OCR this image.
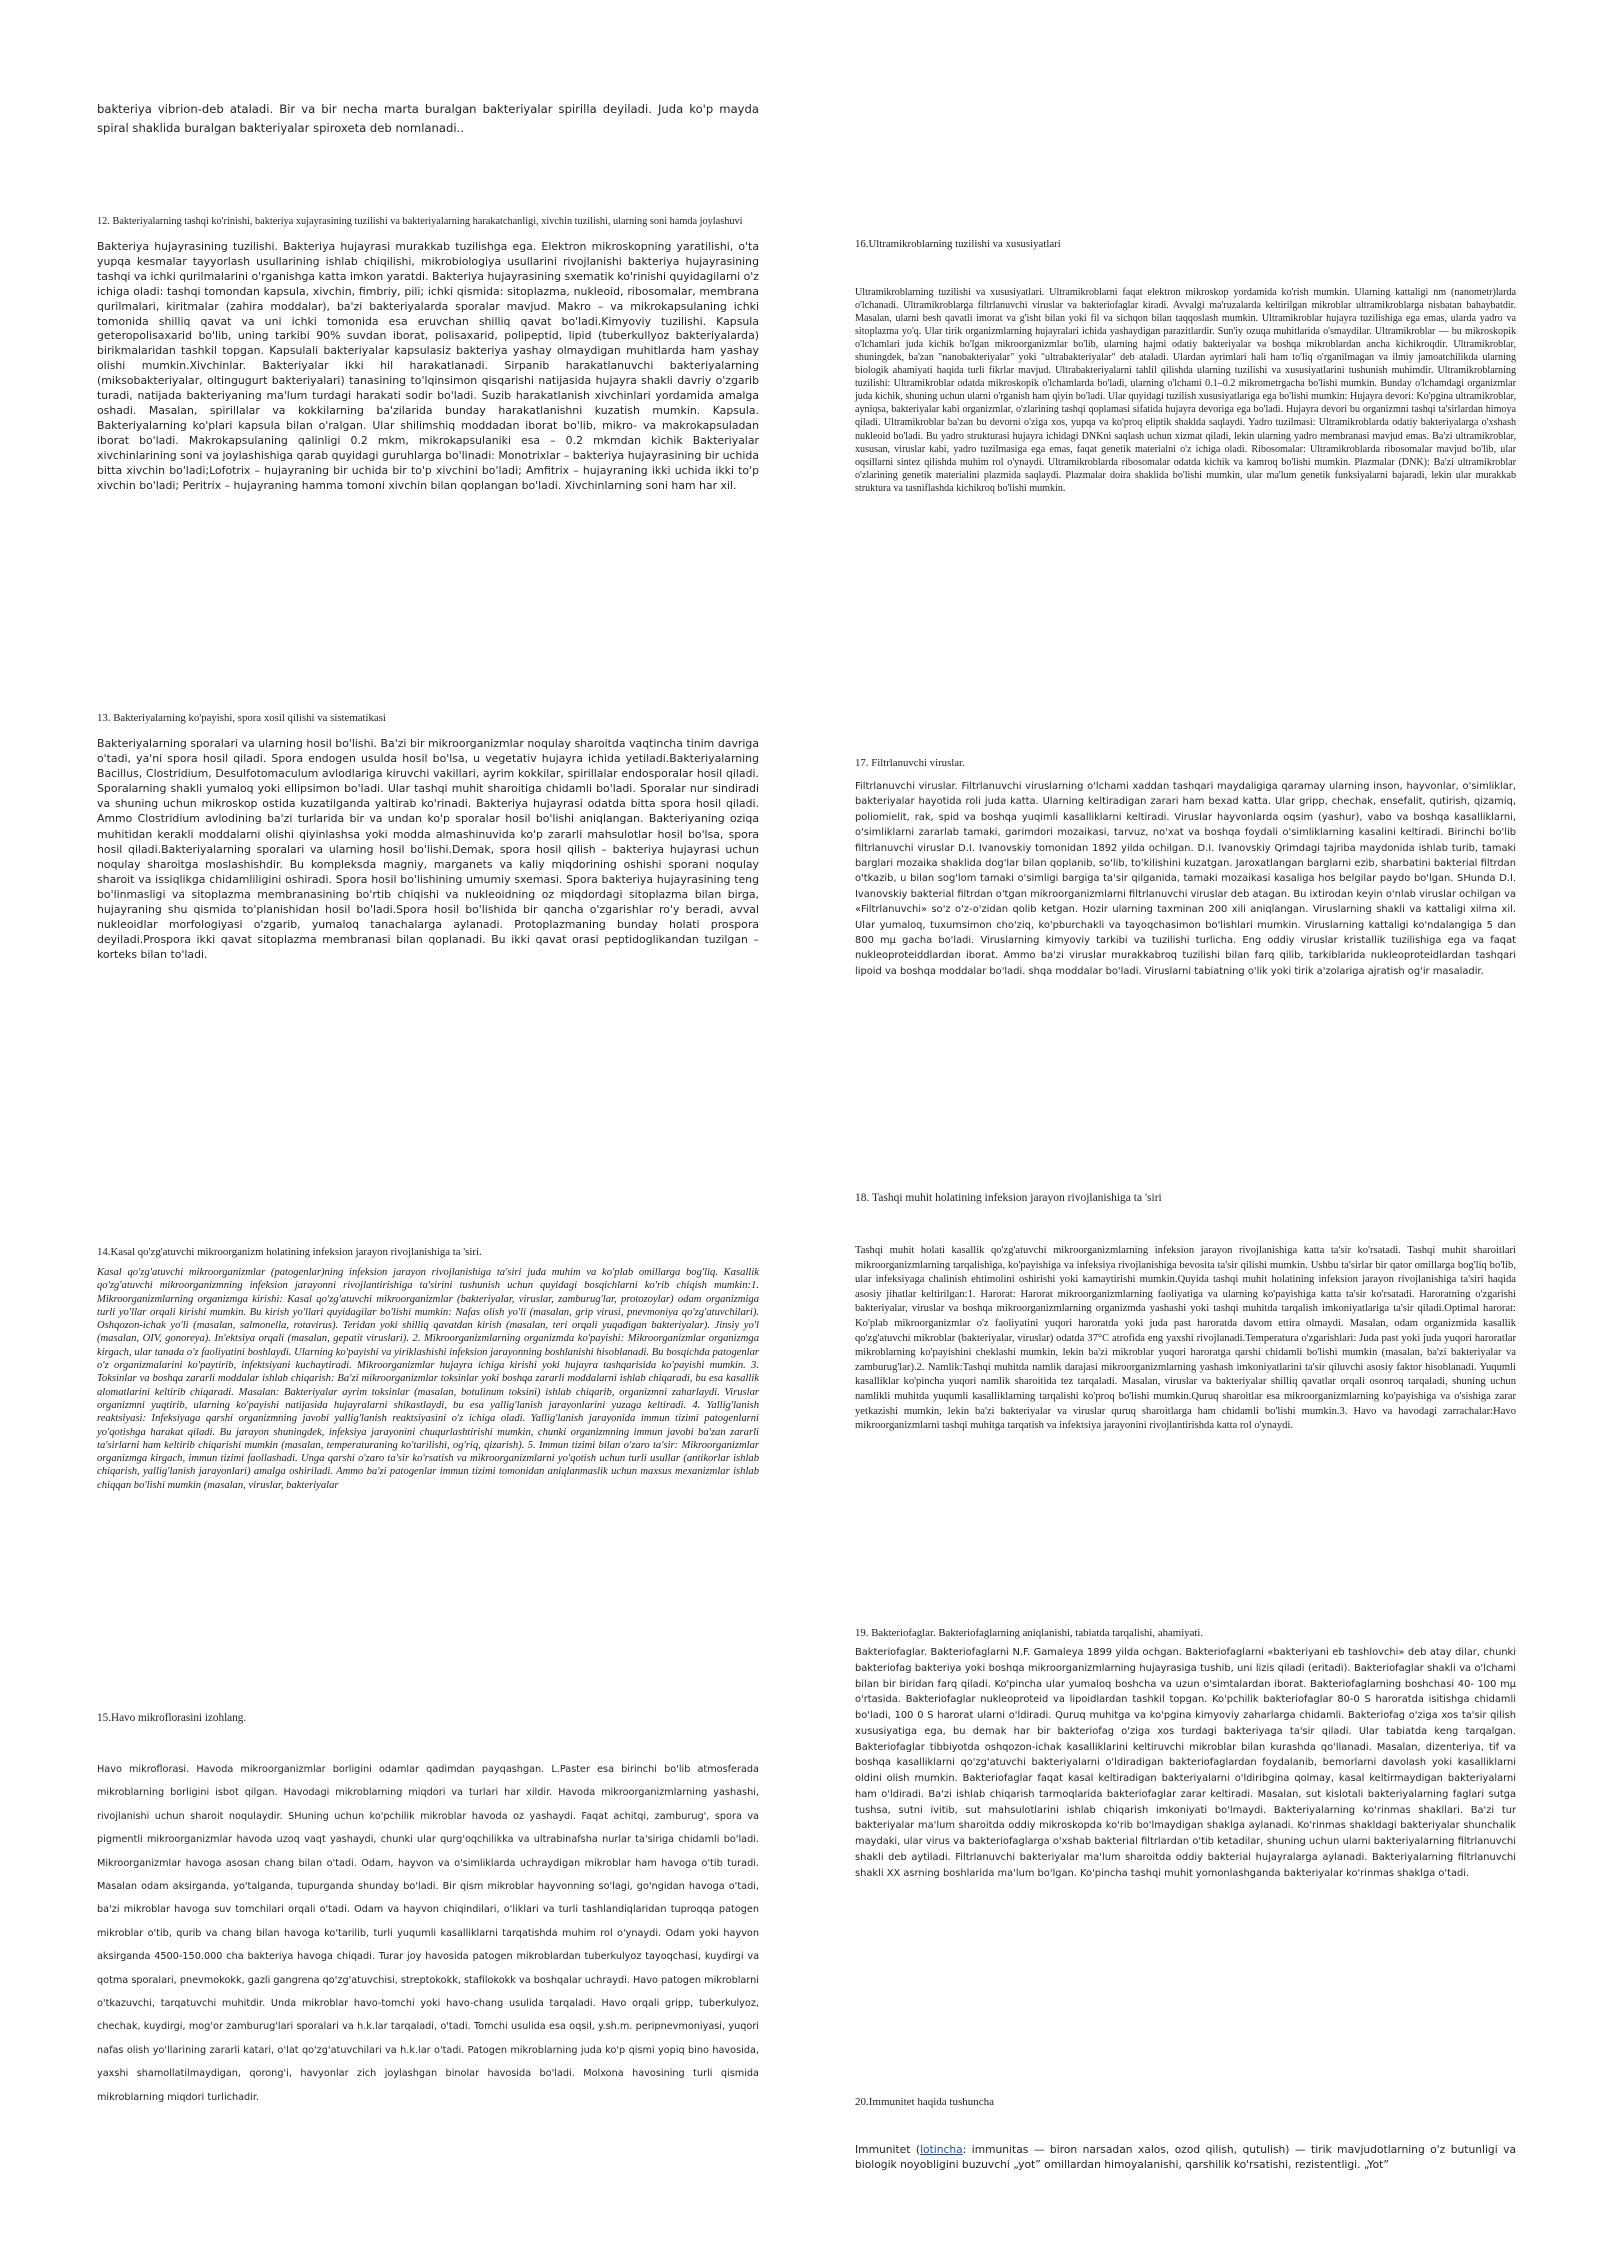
bakteriya vibrion-deb ataladi. Bir va bir necha marta buralgan bakteriyalar spirilla deyiladi. Juda ko'p mayda spiral shaklida buralgan bakteriyalar spiroxeta deb nomlanadi..

12. Bakteriyalarning tashqi ko'rinishi, bakteriya xujayrasining tuzilishi va bakteriyalarning harakatchanligi, xivchin tuzilishi, ularning soni hamda joylashuvi

Bakteriya hujayrasining tuzilishi. Bakteriya hujayrasi murakkab tuzilishga ega. Elektron mikroskopning yaratilishi, o'ta yupqa kesmalar tayyorlash usullarining ishlab chiqilishi, mikrobiologiya usullarini rivojlanishi bakteriya hujayrasining tashqi va ichki qurilmalarini o'rganishga katta imkon yaratdi. Bakteriya hujayrasining sxematik ko'rinishi quyidagilarni o'z ichiga oladi: tashqi tomondan kapsula, xivchin, fimbriy, pili; ichki qismida: sitoplazma, nukleoid, ribosomalar, membrana qurilmalari, kiritmalar (zahira moddalar), ba'zi bakteriyalarda sporalar mavjud. Makro – va mikrokapsulaning ichki tomonida shilliq qavat va uni ichki tomonida esa eruvchan shilliq qavat bo'ladi.Kimyoviy tuzilishi. Kapsula geteropolisaxarid bo'lib, uning tarkibi 90% suvdan iborat, polisaxarid, polipeptid, lipid (tuberkullyoz bakteriyalarda) birikmalaridan tashkil topgan. Kapsulali bakteriyalar kapsulasiz bakteriya yashay olmaydigan muhitlarda ham yashay olishi mumkin.Xivchinlar. Bakteriyalar ikki hil harakatlanadi. Sirpanib harakatlanuvchi bakteriyalarning (miksobakteriyalar, oltingugurt bakteriyalari) tanasining to'lqinsimon qisqarishi natijasida hujayra shakli davriy o'zgarib turadi, natijada bakteriyaning ma'lum turdagi harakati sodir bo'ladi. Suzib harakatlanish xivchinlari yordamida amalga oshadi. Masalan, spirillalar va kokkilarning ba'zilarida bunday harakatlanishni kuzatish mumkin. Kapsula. Bakteriyalarning ko'plari kapsula bilan o'ralgan. Ular shilimshiq moddadan iborat bo'lib, mikro- va makrokapsuladan iborat bo'ladi. Makrokapsulaning qalinligi 0.2 mkm, mikrokapsulaniki esa – 0.2 mkmdan kichik Bakteriyalar xivchinlarining soni va joylashishiga qarab quyidagi guruhlarga bo'linadi: Monotrixlar – bakteriya hujayrasining bir uchida bitta xivchin bo'ladi;Lofotrix – hujayraning bir uchida bir to'p xivchini bo'ladi; Amfitrix – hujayraning ikki uchida ikki to'p xivchin bo'ladi; Peritrix – hujayraning hamma tomoni xivchin bilan qoplangan bo'ladi. Xivchinlarning soni ham har xil.

13. Bakteriyalarning ko'payishi, spora xosil qilishi va sistematikasi

Bakteriyalarning sporalari va ularning hosil bo'lishi. Ba'zi bir mikroorganizmlar noqulay sharoitda vaqtincha tinim davriga o'tadi, ya'ni spora hosil qiladi. Spora endogen usulda hosil bo'lsa, u vegetativ hujayra ichida yetiladi.Bakteriyalarning Bacillus, Clostridium, Desulfotomaculum avlodlariga kiruvchi vakillari, ayrim kokkilar, spirillalar endosporalar hosil qiladi. Sporalarning shakli yumaloq yoki ellipsimon bo'ladi. Ular tashqi muhit sharoitiga chidamli bo'ladi. Sporalar nur sindiradi va shuning uchun mikroskop ostida kuzatilganda yaltirab ko'rinadi. Bakteriya hujayrasi odatda bitta spora hosil qiladi. Ammo Clostridium avlodining ba'zi turlarida bir va undan ko'p sporalar hosil bo'lishi aniqlangan. Bakteriyaning oziqa muhitidan kerakli moddalarni olishi qiyinlashsa yoki modda almashinuvida ko'p zararli mahsulotlar hosil bo'lsa, spora hosil qiladi.Bakteriyalarning sporalari va ularning hosil bo'lishi.Demak, spora hosil qilish – bakteriya hujayrasi uchun noqulay sharoitga moslashishdir. Bu kompleksda magniy, marganets va kaliy miqdorining oshishi sporani noqulay sharoit va issiqlikga chidamliligini oshiradi. Spora hosil bo'lishining umumiy sxemasi. Spora bakteriya hujayrasining teng bo'linmasligi va sitoplazma membranasining bo'rtib chiqishi va nukleoidning oz miqdordagi sitoplazma bilan birga, hujayraning shu qismida to'planishidan hosil bo'ladi.Spora hosil bo'lishida bir qancha o'zgarishlar ro'y beradi, avval nukleoidlar morfologiyasi o'zgarib, yumaloq tanachalarga aylanadi. Protoplazmaning bunday holati prospora deyiladi.Prospora ikki qavat sitoplazma membranasi bilan qoplanadi. Bu ikki qavat orasi peptidoglikandan tuzilgan – korteks bilan to'ladi.

14.Kasal qo'zg'atuvchi mikroorganizm holatining infeksion jarayon rivojlanishiga ta 'siri.

Kasal qo'zg'atuvchi mikroorganizmlar (patogenlar)ning infeksion jarayon rivojlanishiga ta'siri juda muhim va ko'plab omillarga bog'liq. Kasallik qo'zg'atuvchi mikroorganizmning infeksion jarayonni rivojlantirishiga ta'sirini tushunish uchun quyidagi bosqichlarni ko'rib chiqish mumkin:1. Mikroorganizmlarning organizmga kirishi: Kasal qo'zg'atuvchi mikroorganizmlar (bakteriyalar, viruslar, zamburug'lar, protozoylar) odam organizmiga turli yo'llar orqali kirishi mumkin. Bu kirish yo'llari quyidagilar bo'lishi mumkin: Nafas olish yo'li (masalan, grip virusi, pnevmoniya qo'zg'atuvchilari). Oshqozon-ichak yo'li (masalan, salmonella, rotavirus). Teridan yoki shilliq qavatdan kirish (masalan, teri orqali yuqadigan bakteriyalar). Jinsiy yo'l (masalan, OIV, gonoreya). In'ektsiya orqali (masalan, gepatit viruslari). 2. Mikroorganizmlarning organizmda ko'payishi: Mikroorganizmlar organizmga kirgach, ular tanada o'z faoliyatini boshlaydi. Ularning ko'payishi va yiriklashishi infeksion jarayonning boshlanishi hisoblanadi. Bu bosqichda patogenlar o'z organizmalarini ko'paytirib, infektsiyani kuchaytiradi. Mikroorganizmlar hujayra ichiga kirishi yoki hujayra tashqarisida ko'payishi mumkin. 3. Toksinlar va boshqa zararli moddalar ishlab chiqarish: Ba'zi mikroorganizmlar toksinlar yoki boshqa zararli moddalarni ishlab chiqaradi, bu esa kasallik alomatlarini keltirib chiqaradi. Masalan: Bakteriyalar ayrim toksinlar (masalan, botulinum toksini) ishlab chiqarib, organizmni zaharlaydi. Viruslar organizmni yuqtirib, ularning ko'payishi natijasida hujayralarni shikastlaydi, bu esa yallig'lanish jarayonlarini yuzaga keltiradi. 4. Yallig'lanish reaktsiyasi: Infeksiyaga qarshi organizmning javobi yallig'lanish reaktsiyasini o'z ichiga oladi. Yallig'lanish jarayonida immun tizimi patogenlarni yo'qotishga harakat qiladi. Bu jarayon shuningdek, infeksiya jarayonini chuqurlashtirishi mumkin, chunki organizmning immun javobi ba'zan zararli ta'sirlarni ham keltirib chiqarishi mumkin (masalan, temperaturaning ko'tarilishi, og'riq, qizarish). 5. Immun tizimi bilan o'zaro ta'sir: Mikroorganizmlar organizmga kirgach, immun tizimi faollashadi. Unga qarshi o'zaro ta'sir ko'rsatish va mikroorganizmlarni yo'qotish uchun turli usullar (antikorlar ishlab chiqarish, yallig'lanish jarayonlari) amalga oshiriladi. Ammo ba'zi patogenlar immun tizimi tomonidan aniqlanmaslik uchun maxsus mexanizmlar ishlab chiqqan bo'lishi mumkin (masalan, viruslar, bakteriyalar

15.Havo mikroflorasini izohlang.

Havo mikroflorasi. Havoda mikroorganizmlar borligini odamlar qadimdan payqashgan. L.Paster esa birinchi bo'lib atmosferada mikroblarning borligini isbot qilgan. Havodagi mikroblarning miqdori va turlari har xildir. Havoda mikroorganizmlarning yashashi, rivojlanishi uchun sharoit noqulaydir. SHuning uchun ko'pchilik mikroblar havoda oz yashaydi. Faqat achitqi, zamburug', spora va pigmentli mikroorganizmlar havoda uzoq vaqt yashaydi, chunki ular qurg'oqchilikka va ultrabinafsha nurlar ta'siriga chidamli bo'ladi. Mikroorganizmlar havoga asosan chang bilan o'tadi. Odam, hayvon va o'simliklarda uchraydigan mikroblar ham havoga o'tib turadi. Masalan odam aksirganda, yo'talganda, tupurganda shunday bo'ladi. Bir qism mikroblar hayvonning so'lagi, go'ngidan havoga o'tadi, ba'zi mikroblar havoga suv tomchilari orqali o'tadi. Odam va hayvon chiqindilari, o'liklari va turli tashlandiqlaridan tuproqqa patogen mikroblar o'tib, qurib va chang bilan havoga ko'tarilib, turli yuqumli kasalliklarni tarqatishda muhim rol o'ynaydi. Odam yoki hayvon aksirganda 4500-150.000 cha bakteriya havoga chiqadi. Turar joy havosida patogen mikroblardan tuberkulyoz tayoqchasi, kuydirgi va qotma sporalari, pnevmokokk, gazli gangrena qo'zg'atuvchisi, streptokokk, stafilokokk va boshqalar uchraydi. Havo patogen mikroblarni o'tkazuvchi, tarqatuvchi muhitdir. Unda mikroblar havo-tomchi yoki havo-chang usulida tarqaladi. Havo orqali gripp, tuberkulyoz, chechak, kuydirgi, mog'or zamburug'lari sporalari va h.k.lar tarqaladi, o'tadi. Tomchi usulida esa oqsil, y.sh.m. peripnevmoniyasi, yuqori nafas olish yo'llarining zararli katari, o'lat qo'zg'atuvchilari va h.k.lar o'tadi. Patogen mikroblarning juda ko'p qismi yopiq bino havosida, yaxshi shamollatilmaydigan, qorong'i, havyonlar zich joylashgan binolar havosida bo'ladi. Molxona havosining turli qismida mikroblarning miqdori turlichadir.

16.Ultramikroblarning tuzilishi va xususiyatlari

Ultramikroblarning tuzilishi va xususiyatlari. Ultramikroblarni faqat elektron mikroskop yordamida ko'rish mumkin. Ularning kattaligi nm (nanometr)larda o'lchanadi. Ultramikroblarga filtrlanuvchi viruslar va bakteriofaglar kiradi. Avvalgi ma'ruzalarda keltirilgan mikroblar ultramikroblarga nisbatan bahaybatdir. Masalan, ularni besh qavatli imorat va g'isht bilan yoki fil va sichqon bilan taqqoslash mumkin. Ultramikroblar hujayra tuzilishiga ega emas, ularda yadro va sitoplazma yo'q. Ular tirik organizmlarning hujayralari ichida yashaydigan parazitlardir. Sun'iy ozuqa muhitlarida o'smaydilar. Ultramikroblar — bu mikroskopik o'lchamlari juda kichik bo'lgan mikroorganizmlar bo'lib, ularning hajmi odatiy bakteriyalar va boshqa mikroblardan ancha kichikroqdir. Ultramikroblar, shuningdek, ba'zan "nanobakteriyalar" yoki "ultrabakteriyalar" deb ataladi. Ulardan ayrimlari hali ham to'liq o'rganilmagan va ilmiy jamoatchilikda ularning biologik ahamiyati haqida turli fikrlar mavjud. Ultrabakteriyalarni tahlil qilishda ularning tuzilishi va xususiyatlarini tushunish muhimdir. Ultramikroblarning tuzilishi: Ultramikroblar odatda mikroskopik o'lchamlarda bo'ladi, ularning o'lchami 0.1–0.2 mikrometrgacha bo'lishi mumkin. Bunday o'lchamdagi organizmlar juda kichik, shuning uchun ularni o'rganish ham qiyin bo'ladi. Ular quyidagi tuzilish xususiyatlariga ega bo'lishi mumkin: Hujayra devori: Ko'pgina ultramikroblar, ayniqsa, bakteriyalar kabi organizmlar, o'zlarining tashqi qoplamasi sifatida hujayra devoriga ega bo'ladi. Hujayra devori bu organizmni tashqi ta'sirlardan himoya qiladi. Ultramikroblar ba'zan bu devorni o'ziga xos, yupqa va ko'proq eliptik shaklda saqlaydi. Yadro tuzilmasi: Ultramikroblarda odatiy bakteriyalarga o'xshash nukleoid bo'ladi. Bu yadro strukturasi hujayra ichidagi DNKni saqlash uchun xizmat qiladi, lekin ularning yadro membranasi mavjud emas. Ba'zi ultramikroblar, xususan, viruslar kabi, yadro tuzilmasiga ega emas, faqat genetik materialni o'z ichiga oladi. Ribosomalar: Ultramikroblarda ribosomalar mavjud bo'lib, ular oqsillarni sintez qilishda muhim rol o'ynaydi. Ultramikroblarda ribosomalar odatda kichik va kamroq bo'lishi mumkin. Plazmalar (DNK): Ba'zi ultramikroblar o'zlarining genetik materialini plazmida saqlaydi. Plazmalar doira shaklida bo'lishi mumkin, ular ma'lum genetik funksiyalarni bajaradi, lekin ular murakkab struktura va tasniflashda kichikroq bo'lishi mumkin.

17. Filtrlanuvchi viruslar.

Filtrlanuvchi viruslar. Filtrlanuvchi viruslarning o'lchami xaddan tashqari maydaligiga qaramay ularning inson, hayvonlar, o'simliklar, bakteriyalar hayotida roli juda katta. Ularning keltiradigan zarari ham bexad katta. Ular gripp, chechak, ensefalit, qutirish, qizamiq, poliomielit, rak, spid va boshqa yuqimli kasalliklarni keltiradi. Viruslar hayvonlarda oqsim (yashur), vabo va boshqa kasalliklarni, o'simliklarni zararlab tamaki, garimdori mozaikasi, tarvuz, no'xat va boshqa foydali o'simliklarning kasalini keltiradi. Birinchi bo'lib filtrlanuvchi viruslar D.I. Ivanovskiy tomonidan 1892 yilda ochilgan. D.I. Ivanovskiy Qrimdagi tajriba maydonida ishlab turib, tamaki barglari mozaika shaklida dog'lar bilan qoplanib, so'lib, to'kilishini kuzatgan. Jaroxatlangan barglarni ezib, sharbatini bakterial filtrdan o'tkazib, u bilan sog'lom tamaki o'simligi bargiga ta'sir qilganida, tamaki mozaikasi kasaliga hos belgilar paydo bo'lgan. SHunda D.I. Ivanovskiy bakterial filtrdan o'tgan mikroorganizmlarni filtrlanuvchi viruslar deb atagan. Bu ixtirodan keyin o'nlab viruslar ochilgan va «Filtrlanuvchi» so'z o'z-o'zidan qolib ketgan. Hozir ularning taxminan 200 xili aniqlangan. Viruslarning shakli va kattaligi xilma xil. Ular yumaloq, tuxumsimon cho'ziq, ko'pburchakli va tayoqchasimon bo'lishlari mumkin. Viruslarning kattaligi ko'ndalangiga 5 dan 800 mμ gacha bo'ladi. Viruslarning kimyoviy tarkibi va tuzilishi turlicha. Eng oddiy viruslar kristallik tuzilishiga ega va faqat nukleoproteiddlardan iborat. Ammo ba'zi viruslar murakkabroq tuzilishi bilan farq qilib, tarkiblarida nukleoproteidlardan tashqari lipoid va boshqa moddalar bo'ladi. shqa moddalar bo'ladi. Viruslarni tabiatning o'lik yoki tirik a'zolariga ajratish og'ir masaladir.

18. Tashqi muhit holatining infeksion jarayon rivojlanishiga ta 'siri

Tashqi muhit holati kasallik qo'zg'atuvchi mikroorganizmlarning infeksion jarayon rivojlanishiga katta ta'sir ko'rsatadi. Tashqi muhit sharoitlari mikroorganizmlarning tarqalishiga, ko'payishiga va infeksiya rivojlanishiga bevosita ta'sir qilishi mumkin. Ushbu ta'sirlar bir qator omillarga bog'liq bo'lib, ular infeksiyaga chalinish ehtimolini oshirishi yoki kamaytirishi mumkin.Quyida tashqi muhit holatining infeksion jarayon rivojlanishiga ta'siri haqida asosiy jihatlar keltirilgan:1. Harorat: Harorat mikroorganizmlarning faoliyatiga va ularning ko'payishiga katta ta'sir ko'rsatadi. Haroratning o'zgarishi bakteriyalar, viruslar va boshqa mikroorganizmlarning organizmda yashashi yoki tashqi muhitda tarqalish imkoniyatlariga ta'sir qiladi.Optimal harorat: Ko'plab mikroorganizmlar o'z faoliyatini yuqori haroratda yoki juda past haroratda davom ettira olmaydi. Masalan, odam organizmida kasallik qo'zg'atuvchi mikroblar (bakteriyalar, viruslar) odatda 37°C atrofida eng yaxshi rivojlanadi.Temperatura o'zgarishlari: Juda past yoki juda yuqori haroratlar mikroblarning ko'payishini cheklashi mumkin, lekin ba'zi mikroblar yuqori haroratga qarshi chidamli bo'lishi mumkin (masalan, ba'zi bakteriyalar va zamburug'lar).2. Namlik:Tashqi muhitda namlik darajasi mikroorganizmlarning yashash imkoniyatlarini ta'sir qiluvchi asosiy faktor hisoblanadi. Yuqumli kasalliklar ko'pincha yuqori namlik sharoitida tez tarqaladi. Masalan, viruslar va bakteriyalar shilliq qavatlar orqali osonroq tarqaladi, shuning uchun namlikli muhitda yuqumli kasalliklarning tarqalishi ko'proq bo'lishi mumkin.Quruq sharoitlar esa mikroorganizmlarning ko'payishiga va o'sishiga zarar yetkazishi mumkin, lekin ba'zi bakteriyalar va viruslar quruq sharoitlarga ham chidamli bo'lishi mumkin.3. Havo va havodagi zarrachalar:Havo mikroorganizmlarni tashqi muhitga tarqatish va infektsiya jarayonini rivojlantirishda katta rol o'ynaydi.

19. Bakteriofaglar. Bakteriofaglarning aniqlanishi, tabiatda tarqalishi, ahamiyati.

Bakteriofaglar. Bakteriofaglarni N.F. Gamaleya 1899 yilda ochgan. Bakteriofaglarni «bakteriyani eb tashlovchi» deb atay dilar, chunki bakteriofag bakteriya yoki boshqa mikroorganizmlarning hujayrasiga tushib, uni lizis qiladi (eritadi). Bakteriofaglar shakli va o'lchami bilan bir biridan farq qiladi. Ko'pincha ular yumaloq boshcha va uzun o'simtalardan iborat. Bakteriofaglarning boshchasi 40- 100 mμ o'rtasida. Bakteriofaglar nukleoproteid va lipoidlardan tashkil topgan. Ko'pchilik bakteriofaglar 80-0 S haroratda isitishga chidamli bo'ladi, 100 0 S harorat ularni o'ldiradi. Quruq muhitga va ko'pgina kimyoviy zaharlarga chidamli. Bakteriofag o'ziga xos ta'sir qilish xususiyatiga ega, bu demak har bir bakteriofag o'ziga xos turdagi bakteriyaga ta'sir qiladi. Ular tabiatda keng tarqalgan. Bakteriofaglar tibbiyotda oshqozon-ichak kasalliklarini keltiruvchi mikroblar bilan kurashda qo'llanadi. Masalan, dizenteriya, tif va boshqa kasalliklarni qo'zg'atuvchi bakteriyalarni o'ldiradigan bakteriofaglardan foydalanib, bemorlarni davolash yoki kasalliklarni oldini olish mumkin. Bakteriofaglar faqat kasal keltiradigan bakteriyalarni o'ldiribgina qolmay, kasal keltirmaydigan bakteriyalarni ham o'ldiradi. Ba'zi ishlab chiqarish tarmoqlarida bakteriofaglar zarar keltiradi. Masalan, sut kislotali bakteriyalarning faglari sutga tushsa, sutni ivitib, sut mahsulotlarini ishlab chiqarish imkoniyati bo'lmaydi. Bakteriyalarning ko'rinmas shakllari. Ba'zi tur bakteriyalar ma'lum sharoitda oddiy mikroskopda ko'rib bo'lmaydigan shaklga aylanadi. Ko'rinmas shakldagi bakteriyalar shunchalik maydaki, ular virus va bakteriofaglarga o'xshab bakterial filtrlardan o'tib ketadilar, shuning uchun ularni bakteriyalarning filtrlanuvchi shakli deb aytiladi. Filtrlanuvchi bakteriyalar ma'lum sharoitda oddiy bakterial hujayralarga aylanadi. Bakteriyalarning filtrlanuvchi shakli XX asrning boshlarida ma'lum bo'lgan. Ko'pincha tashqi muhit yomonlashganda bakteriyalar ko'rinmas shaklga o'tadi.

20.Immunitet haqida tushuncha

Immunitet (lotincha: immunitas — biron narsadan xalos, ozod qilish, qutulish) — tirik mavjudotlarning o'z butunligi va biologik noyobligini buzuvchi „yot” omillardan himoyalanishi, qarshilik ko'rsatishi, rezistentligi. „Yot”
